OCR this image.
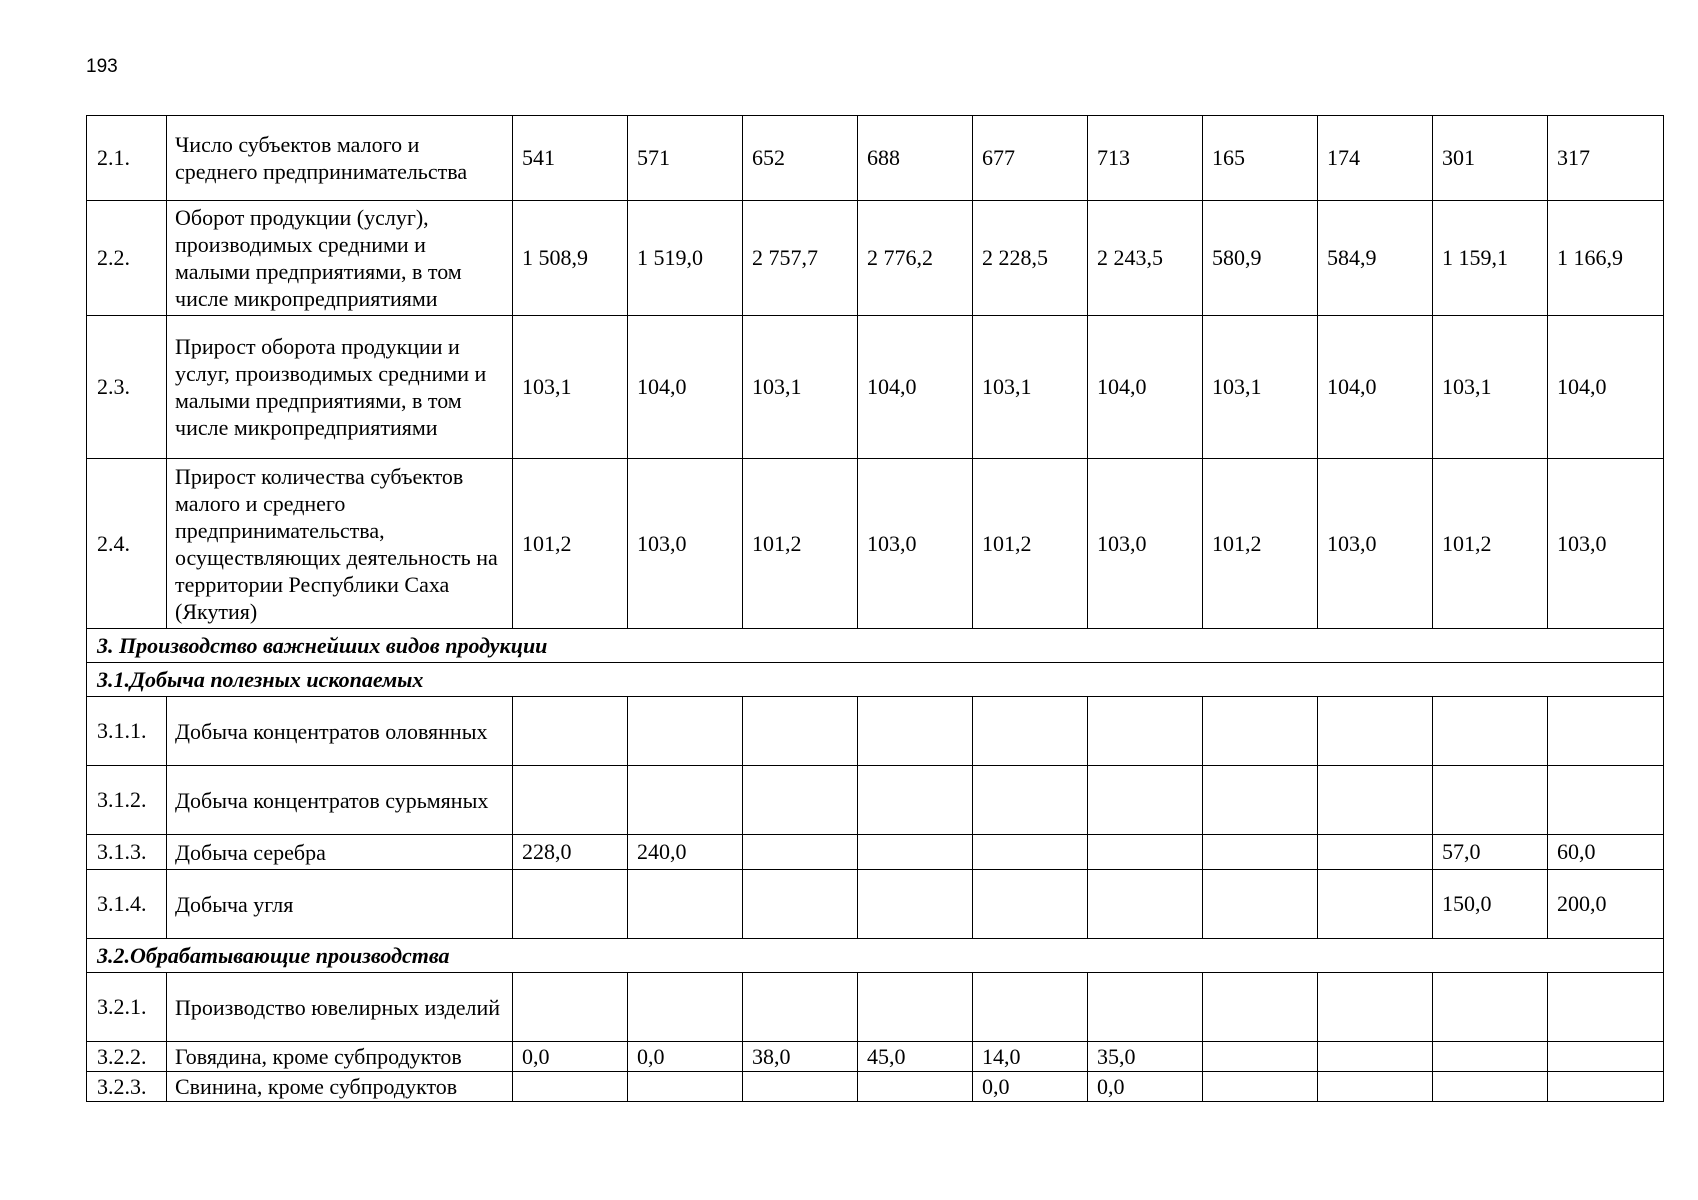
193
2.1.	Число субъектов малого и среднего предпринимательства	541	571	652	688	677	713	165	174	301	317
2.2.	Оборот продукции (услуг), производимых средними и малыми предприятиями, в том числе микропредприятиями	1 508,9	1 519,0	2 757,7	2 776,2	2 228,5	2 243,5	580,9	584,9	1 159,1	1 166,9
2.3.	Прирост оборота продукции и услуг, производимых средними и малыми предприятиями, в том числе микропредприятиями	103,1	104,0	103,1	104,0	103,1	104,0	103,1	104,0	103,1	104,0
2.4.	Прирост количества субъектов малого и среднего предпринимательства, осуществляющих деятельность на территории Республики Саха (Якутия)	101,2	103,0	101,2	103,0	101,2	103,0	101,2	103,0	101,2	103,0
3. Производство важнейших видов продукции											
3.1.Добыча полезных ископаемых											
3.1.1.	Добыча концентратов оловянных										
3.1.2.	Добыча концентратов сурьмяных										
3.1.3.	Добыча серебра	228,0	240,0							57,0	60,0
3.1.4.	Добыча угля									150,0	200,0
3.2.Обрабатывающие производства											
3.2.1.	Производство ювелирных изделий										
3.2.2.	Говядина, кроме субпродуктов	0,0	0,0	38,0	45,0	14,0	35,0				
3.2.3.	Свинина, кроме субпродуктов					0,0	0,0				
